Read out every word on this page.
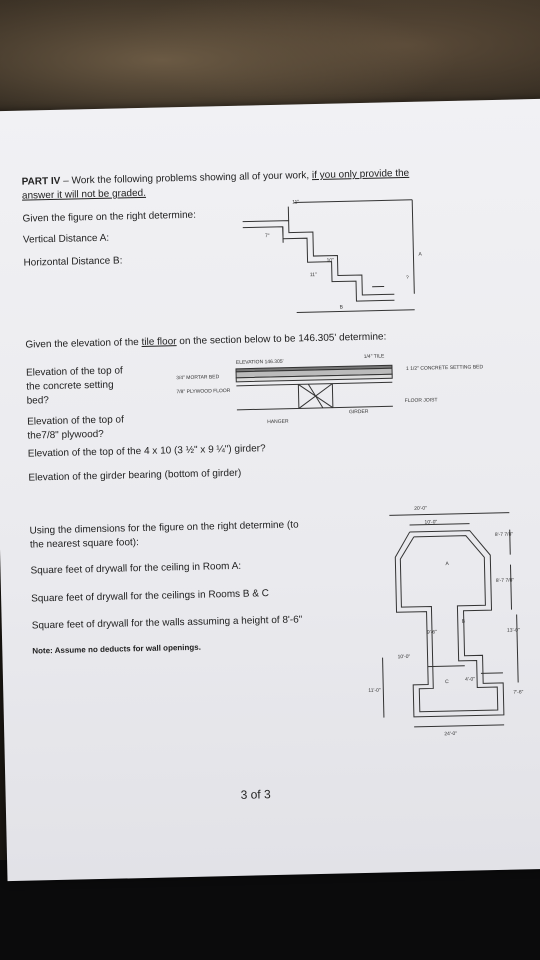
PART IV – Work the following problems showing all of your work, if you only provide the
answer it will not be graded.
Given the figure on the right determine:
Vertical Distance A:
Horizontal Distance B:
11"
7"
10"
11"
A
B
?
Given the elevation of the tile floor on the section below to be 146.305' determine:
Elevation of the top of
the concrete setting
bed?
Elevation of the top of
the7/8" plywood?
Elevation of the top of the 4 x 10 (3 ½" x 9 ¼") girder?
Elevation of the girder bearing (bottom of girder)
ELEVATION 146.305'
1/4" TILE
3/4" MORTAR BED
7/8" PLYWOOD FLOOR
1 1/2" CONCRETE SETTING BED
FLOOR JOIST
HANGER
GIRDER
Using the dimensions for the figure on the right determine (to
the nearest square foot):
Square feet of drywall for the ceiling in Room A:
Square feet of drywall for the ceilings in Rooms B & C
Square feet of drywall for the walls assuming a height of 8'-6"
Note: Assume no deducts for wall openings.
20'-0"
10'-0"
8'-7 7/8"
8'-7 7/8"
13'-0"
9'-6"
10'-0"
11'-0"
4'-0"
7'-6"
24'-0"
A
B
C
3 of 3
